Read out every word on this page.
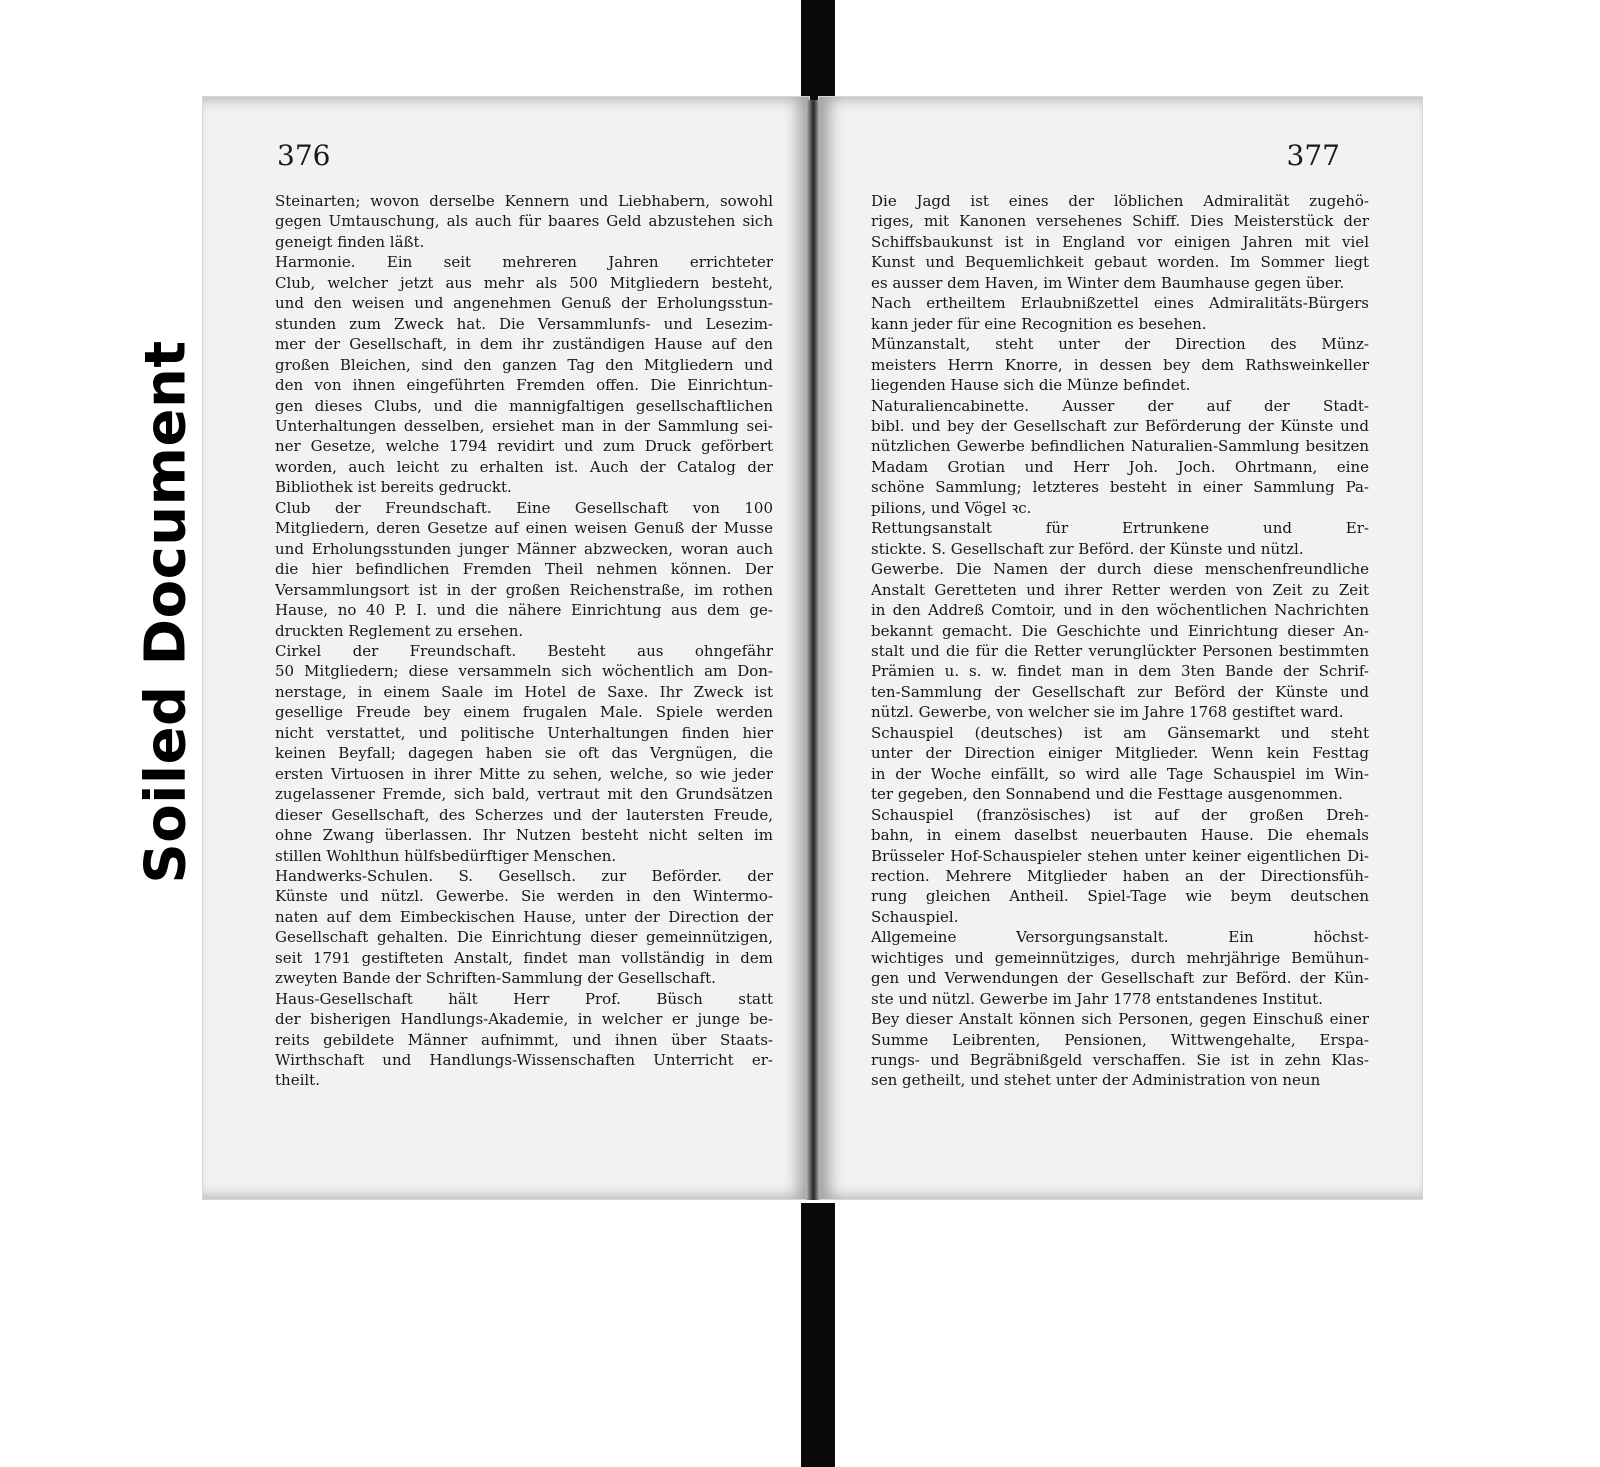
Soiled Document
376
Steinarten; wovon derselbe Kennern und Liebhabern, sowohl
gegen Umtauschung, als auch für baares Geld abzustehen sich
geneigt finden läßt.
Harmonie. Ein seit mehreren Jahren errichteter
Club, welcher jetzt aus mehr als 500 Mitgliedern besteht,
und den weisen und angenehmen Genuß der Erholungsstun-
stunden zum Zweck hat. Die Versammlunfs- und Lesezim-
mer der Gesellschaft, in dem ihr zuständigen Hause auf den
großen Bleichen, sind den ganzen Tag den Mitgliedern und
den von ihnen eingeführten Fremden offen. Die Einrichtun-
gen dieses Clubs, und die mannigfaltigen gesellschaftlichen
Unterhaltungen desselben, ersiehet man in der Sammlung sei-
ner Gesetze, welche 1794 revidirt und zum Druck geförbert
worden, auch leicht zu erhalten ist. Auch der Catalog der
Bibliothek ist bereits gedruckt.
Club der Freundschaft. Eine Gesellschaft von 100
Mitgliedern, deren Gesetze auf einen weisen Genuß der Musse
und Erholungsstunden junger Männer abzwecken, woran auch
die hier befindlichen Fremden Theil nehmen können. Der
Versammlungsort ist in der großen Reichenstraße, im rothen
Hause, no 40 P. I. und die nähere Einrichtung aus dem ge-
druckten Reglement zu ersehen.
Cirkel der Freundschaft. Besteht aus ohngefähr
50 Mitgliedern; diese versammeln sich wöchentlich am Don-
nerstage, in einem Saale im Hotel de Saxe. Ihr Zweck ist
gesellige Freude bey einem frugalen Male. Spiele werden
nicht verstattet, und politische Unterhaltungen finden hier
keinen Beyfall; dagegen haben sie oft das Vergnügen, die
ersten Virtuosen in ihrer Mitte zu sehen, welche, so wie jeder
zugelassener Fremde, sich bald, vertraut mit den Grundsätzen
dieser Gesellschaft, des Scherzes und der lautersten Freude,
ohne Zwang überlassen. Ihr Nutzen besteht nicht selten im
stillen Wohlthun hülfsbedürftiger Menschen.
Handwerks-Schulen. S. Gesellsch. zur Beförder. der
Künste und nützl. Gewerbe. Sie werden in den Wintermo-
naten auf dem Eimbeckischen Hause, unter der Direction der
Gesellschaft gehalten. Die Einrichtung dieser gemeinnützigen,
seit 1791 gestifteten Anstalt, findet man vollständig in dem
zweyten Bande der Schriften-Sammlung der Gesellschaft.
Haus-Gesellschaft hält Herr Prof. Büsch statt
der bisherigen Handlungs-Akademie, in welcher er junge be-
reits gebildete Männer aufnimmt, und ihnen über Staats-
Wirthschaft und Handlungs-Wissenschaften Unterricht er-
theilt.
377
Die Jagd ist eines der löblichen Admiralität zugehö-
riges, mit Kanonen versehenes Schiff. Dies Meisterstück der
Schiffsbaukunst ist in England vor einigen Jahren mit viel
Kunst und Bequemlichkeit gebaut worden. Im Sommer liegt
es ausser dem Haven, im Winter dem Baumhause gegen über.
Nach ertheiltem Erlaubnißzettel eines Admiralitäts-Bürgers
kann jeder für eine Recognition es besehen.
Münzanstalt, steht unter der Direction des Münz-
meisters Herrn Knorre, in dessen bey dem Rathsweinkeller
liegenden Hause sich die Münze befindet.
Naturaliencabinette. Ausser der auf der Stadt-
bibl. und bey der Gesellschaft zur Beförderung der Künste und
nützlichen Gewerbe befindlichen Naturalien-Sammlung besitzen
Madam Grotian und Herr Joh. Joch. Ohrtmann, eine
schöne Sammlung; letzteres besteht in einer Sammlung Pa-
pilions, und Vögel ꝛc.
Rettungsanstalt für Ertrunkene und Er-
stickte. S. Gesellschaft zur Beförd. der Künste und nützl.
Gewerbe. Die Namen der durch diese menschenfreundliche
Anstalt Geretteten und ihrer Retter werden von Zeit zu Zeit
in den Addreß Comtoir, und in den wöchentlichen Nachrichten
bekannt gemacht. Die Geschichte und Einrichtung dieser An-
stalt und die für die Retter verunglückter Personen bestimmten
Prämien u. s. w. findet man in dem 3ten Bande der Schrif-
ten-Sammlung der Gesellschaft zur Beförd der Künste und
nützl. Gewerbe, von welcher sie im Jahre 1768 gestiftet ward.
Schauspiel (deutsches) ist am Gänsemarkt und steht
unter der Direction einiger Mitglieder. Wenn kein Festtag
in der Woche einfällt, so wird alle Tage Schauspiel im Win-
ter gegeben, den Sonnabend und die Festtage ausgenommen.
Schauspiel (französisches) ist auf der großen Dreh-
bahn, in einem daselbst neuerbauten Hause. Die ehemals
Brüsseler Hof-Schauspieler stehen unter keiner eigentlichen Di-
rection. Mehrere Mitglieder haben an der Directionsfüh-
rung gleichen Antheil. Spiel-Tage wie beym deutschen
Schauspiel.
Allgemeine Versorgungsanstalt. Ein höchst-
wichtiges und gemeinnütziges, durch mehrjährige Bemühun-
gen und Verwendungen der Gesellschaft zur Beförd. der Kün-
ste und nützl. Gewerbe im Jahr 1778 entstandenes Institut.
Bey dieser Anstalt können sich Personen, gegen Einschuß einer
Summe Leibrenten, Pensionen, Wittwengehalte, Erspa-
rungs- und Begräbnißgeld verschaffen. Sie ist in zehn Klas-
sen getheilt, und stehet unter der Administration von neun
